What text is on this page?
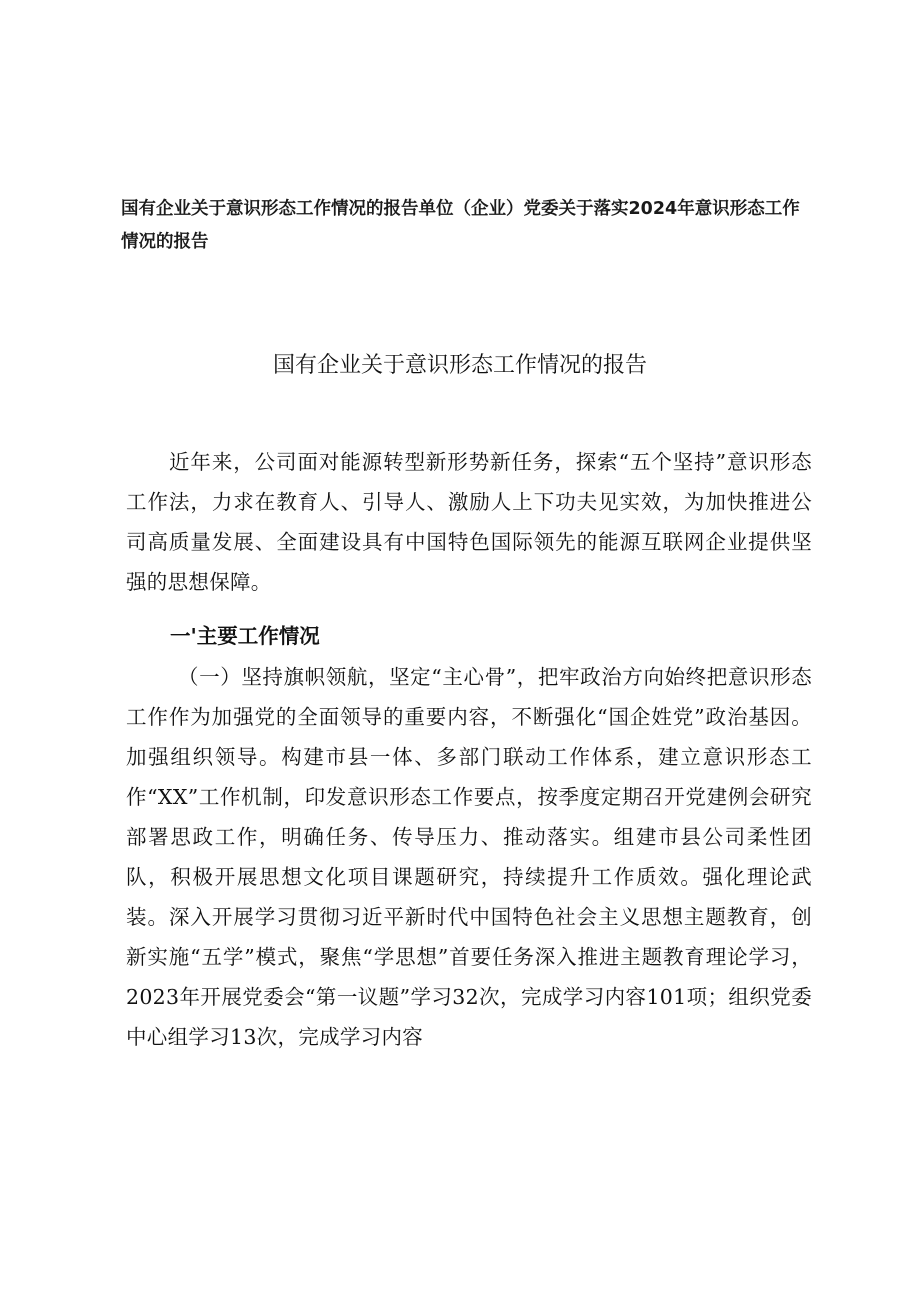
国有企业关于意识形态工作情况的报告单位（企业）党委关于落实2024年意识形态工作情况的报告

国有企业关于意识形态工作情况的报告

近年来，公司面对能源转型新形势新任务，探索“五个坚持”意识形态工作法，力求在教育人、引导人、激励人上下功夫见实效，为加快推进公司高质量发展、全面建设具有中国特色国际领先的能源互联网企业提供坚强的思想保障。

一'主要工作情况

（一）坚持旗帜领航，坚定“主心骨”，把牢政治方向始终把意识形态工作作为加强党的全面领导的重要内容，不断强化“国企姓党”政治基因。加强组织领导。构建市县一体、多部门联动工作体系，建立意识形态工作“XX”工作机制，印发意识形态工作要点，按季度定期召开党建例会研究部署思政工作，明确任务、传导压力、推动落实。组建市县公司柔性团队，积极开展思想文化项目课题研究，持续提升工作质效。强化理论武装。深入开展学习贯彻习近平新时代中国特色社会主义思想主题教育，创新实施“五学”模式，聚焦“学思想”首要任务深入推进主题教育理论学习，2023年开展党委会“第一议题”学习32次，完成学习内容101项；组织党委中心组学习13次，完成学习内容
